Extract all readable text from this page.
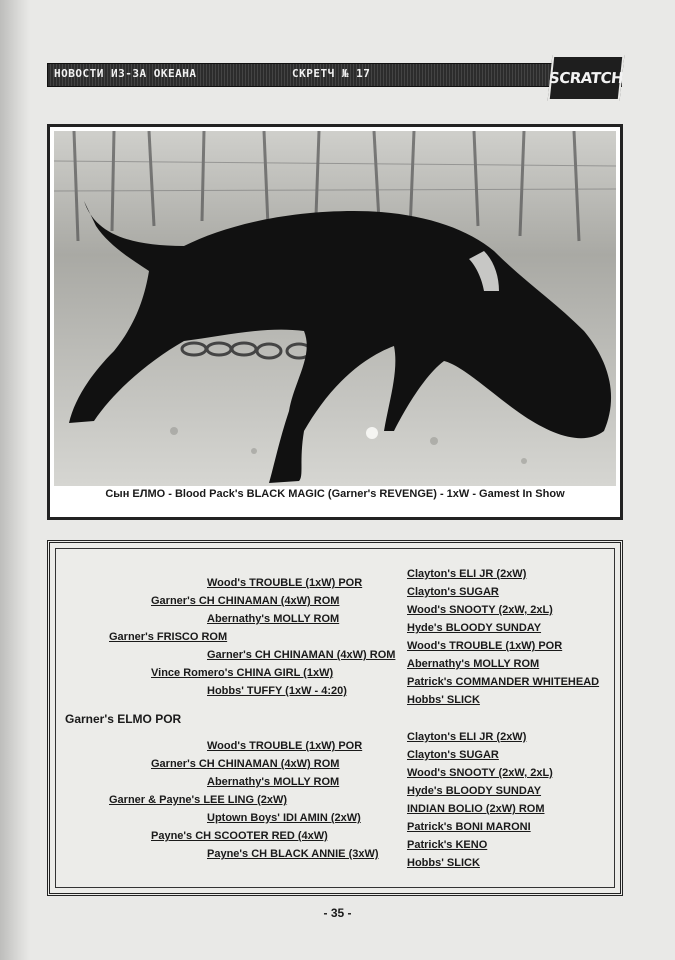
НОВОСТИ ИЗ-ЗА ОКЕАНА	СКРЕТЧ № 17	SCRATCH
Сын ЕЛМО - Blood Pack's BLACK MAGIC (Garner's REVENGE) - 1xW - Gamest In Show
Garner's ELMO POR
Garner's FRISCO ROM
Garner & Payne's LEE LING (2xW)
Garner's CH CHINAMAN (4xW) ROM
Vince Romero's CHINA GIRL (1xW)
Garner's CH CHINAMAN (4xW) ROM
Payne's CH SCOOTER RED (4xW)
Wood's TROUBLE (1xW) POR
Abernathy's MOLLY ROM
Garner's CH CHINAMAN (4xW) ROM
Hobbs' TUFFY (1xW - 4:20)
Wood's TROUBLE (1xW) POR
Abernathy's MOLLY ROM
Uptown Boys' IDI AMIN (2xW)
Payne's CH BLACK ANNIE (3xW)
Clayton's ELI JR (2xW)
Clayton's SUGAR
Wood's SNOOTY (2xW, 2xL)
Hyde's BLOODY SUNDAY
Wood's TROUBLE (1xW) POR
Abernathy's MOLLY ROM
Patrick's COMMANDER WHITEHEAD
Hobbs' SLICK
Clayton's ELI JR (2xW)
Clayton's SUGAR
Wood's SNOOTY (2xW, 2xL)
Hyde's BLOODY SUNDAY
INDIAN BOLIO (2xW) ROM
Patrick's BONI MARONI
Patrick's KENO
Hobbs' SLICK
- 35 -
